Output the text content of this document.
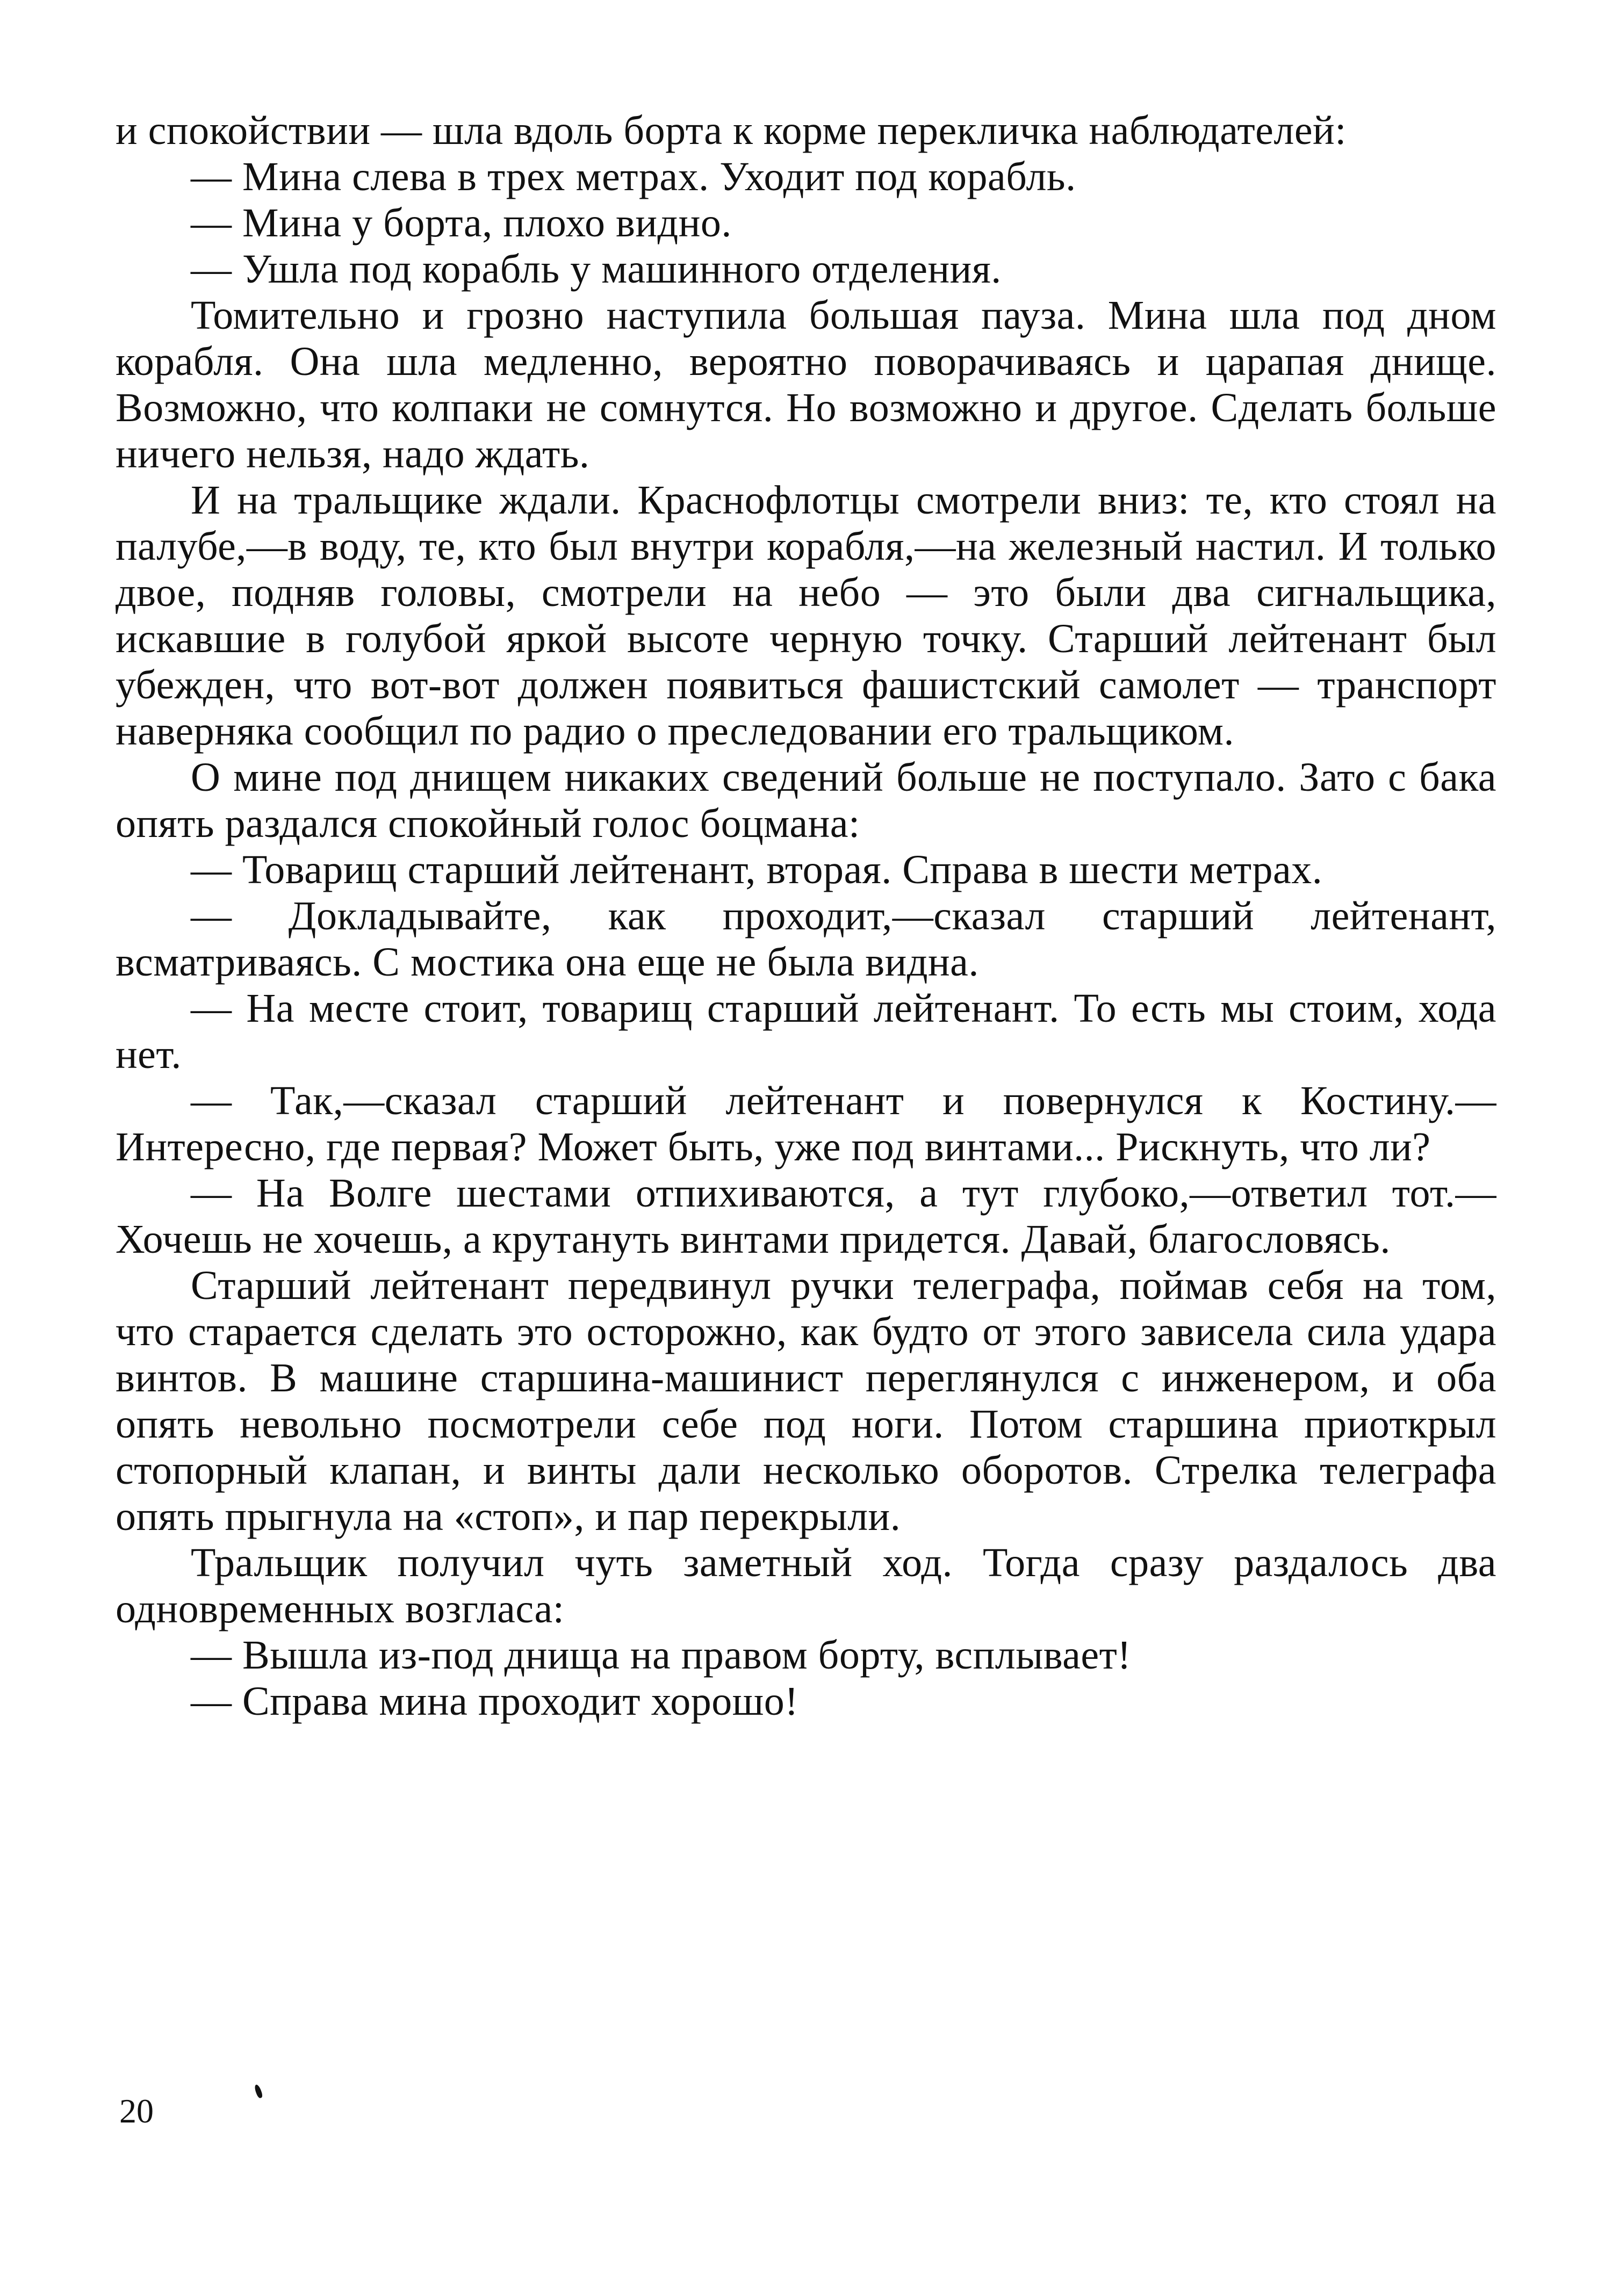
и спокойствии — шла вдоль борта к корме перекличка наблюдателей:

— Мина слева в трех метрах. Уходит под корабль.

— Мина у борта, плохо видно.

— Ушла под корабль у машинного отделения.

Томительно и грозно наступила большая пауза. Мина шла под дном корабля. Она шла медленно, вероятно поворачиваясь и царапая днище. Возможно, что колпаки не сомнутся. Но возможно и другое. Сделать больше ничего нельзя, надо ждать.

И на тральщике ждали. Краснофлотцы смотрели вниз: те, кто стоял на палубе,—в воду, те, кто был внутри корабля,—на железный настил. И только двое, подняв головы, смотрели на небо — это были два сигнальщика, искавшие в голубой яркой высоте черную точку. Старший лейтенант был убежден, что вот-вот должен появиться фашистский самолет — транспорт наверняка сообщил по радио о преследовании его тральщиком.

О мине под днищем никаких сведений больше не поступало. Зато с бака опять раздался спокойный голос боцмана:

— Товарищ старший лейтенант, вторая. Справа в шести метрах.

— Докладывайте, как проходит,—сказал старший лейтенант, всматриваясь. С мостика она еще не была видна.

— На месте стоит, товарищ старший лейтенант. То есть мы стоим, хода нет.

— Так,—сказал старший лейтенант и повернулся к Костину.—Интересно, где первая? Может быть, уже под винтами... Рискнуть, что ли?

— На Волге шестами отпихиваются, а тут глубоко,—ответил тот.—Хочешь не хочешь, а крутануть винтами придется. Давай, благословясь.

Старший лейтенант передвинул ручки телеграфа, поймав себя на том, что старается сделать это осторожно, как будто от этого зависела сила удара винтов. В машине старшина-машинист переглянулся с инженером, и оба опять невольно посмотрели себе под ноги. Потом старшина приоткрыл стопорный клапан, и винты дали несколько оборотов. Стрелка телеграфа опять прыгнула на «стоп», и пар перекрыли.

Тральщик получил чуть заметный ход. Тогда сразу раздалось два одновременных возгласа:

— Вышла из-под днища на правом борту, всплывает!

— Справа мина проходит хорошо!

20
